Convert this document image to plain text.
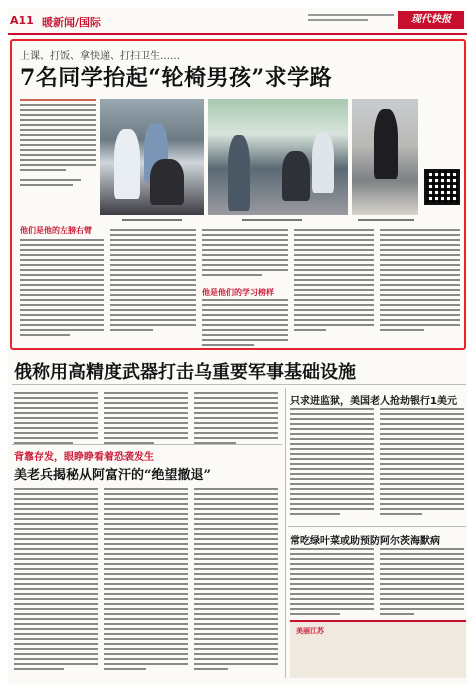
A11 暖新闻/国际	现代快报
上课、打饭、拿快递、打扫卫生……
7名同学抬起“轮椅男孩”求学路
他们是他的左膀右臂
他是他们的学习榜样
俄称用高精度武器打击乌重要军事基础设施
背靠存发，眼睁睁看着恐袭发生
美老兵揭秘从阿富汗的“绝望撤退”
只求进监狱，美国老人抢劫银行1美元
常吃绿叶菜或助预防阿尔茨海默病
美丽江苏
